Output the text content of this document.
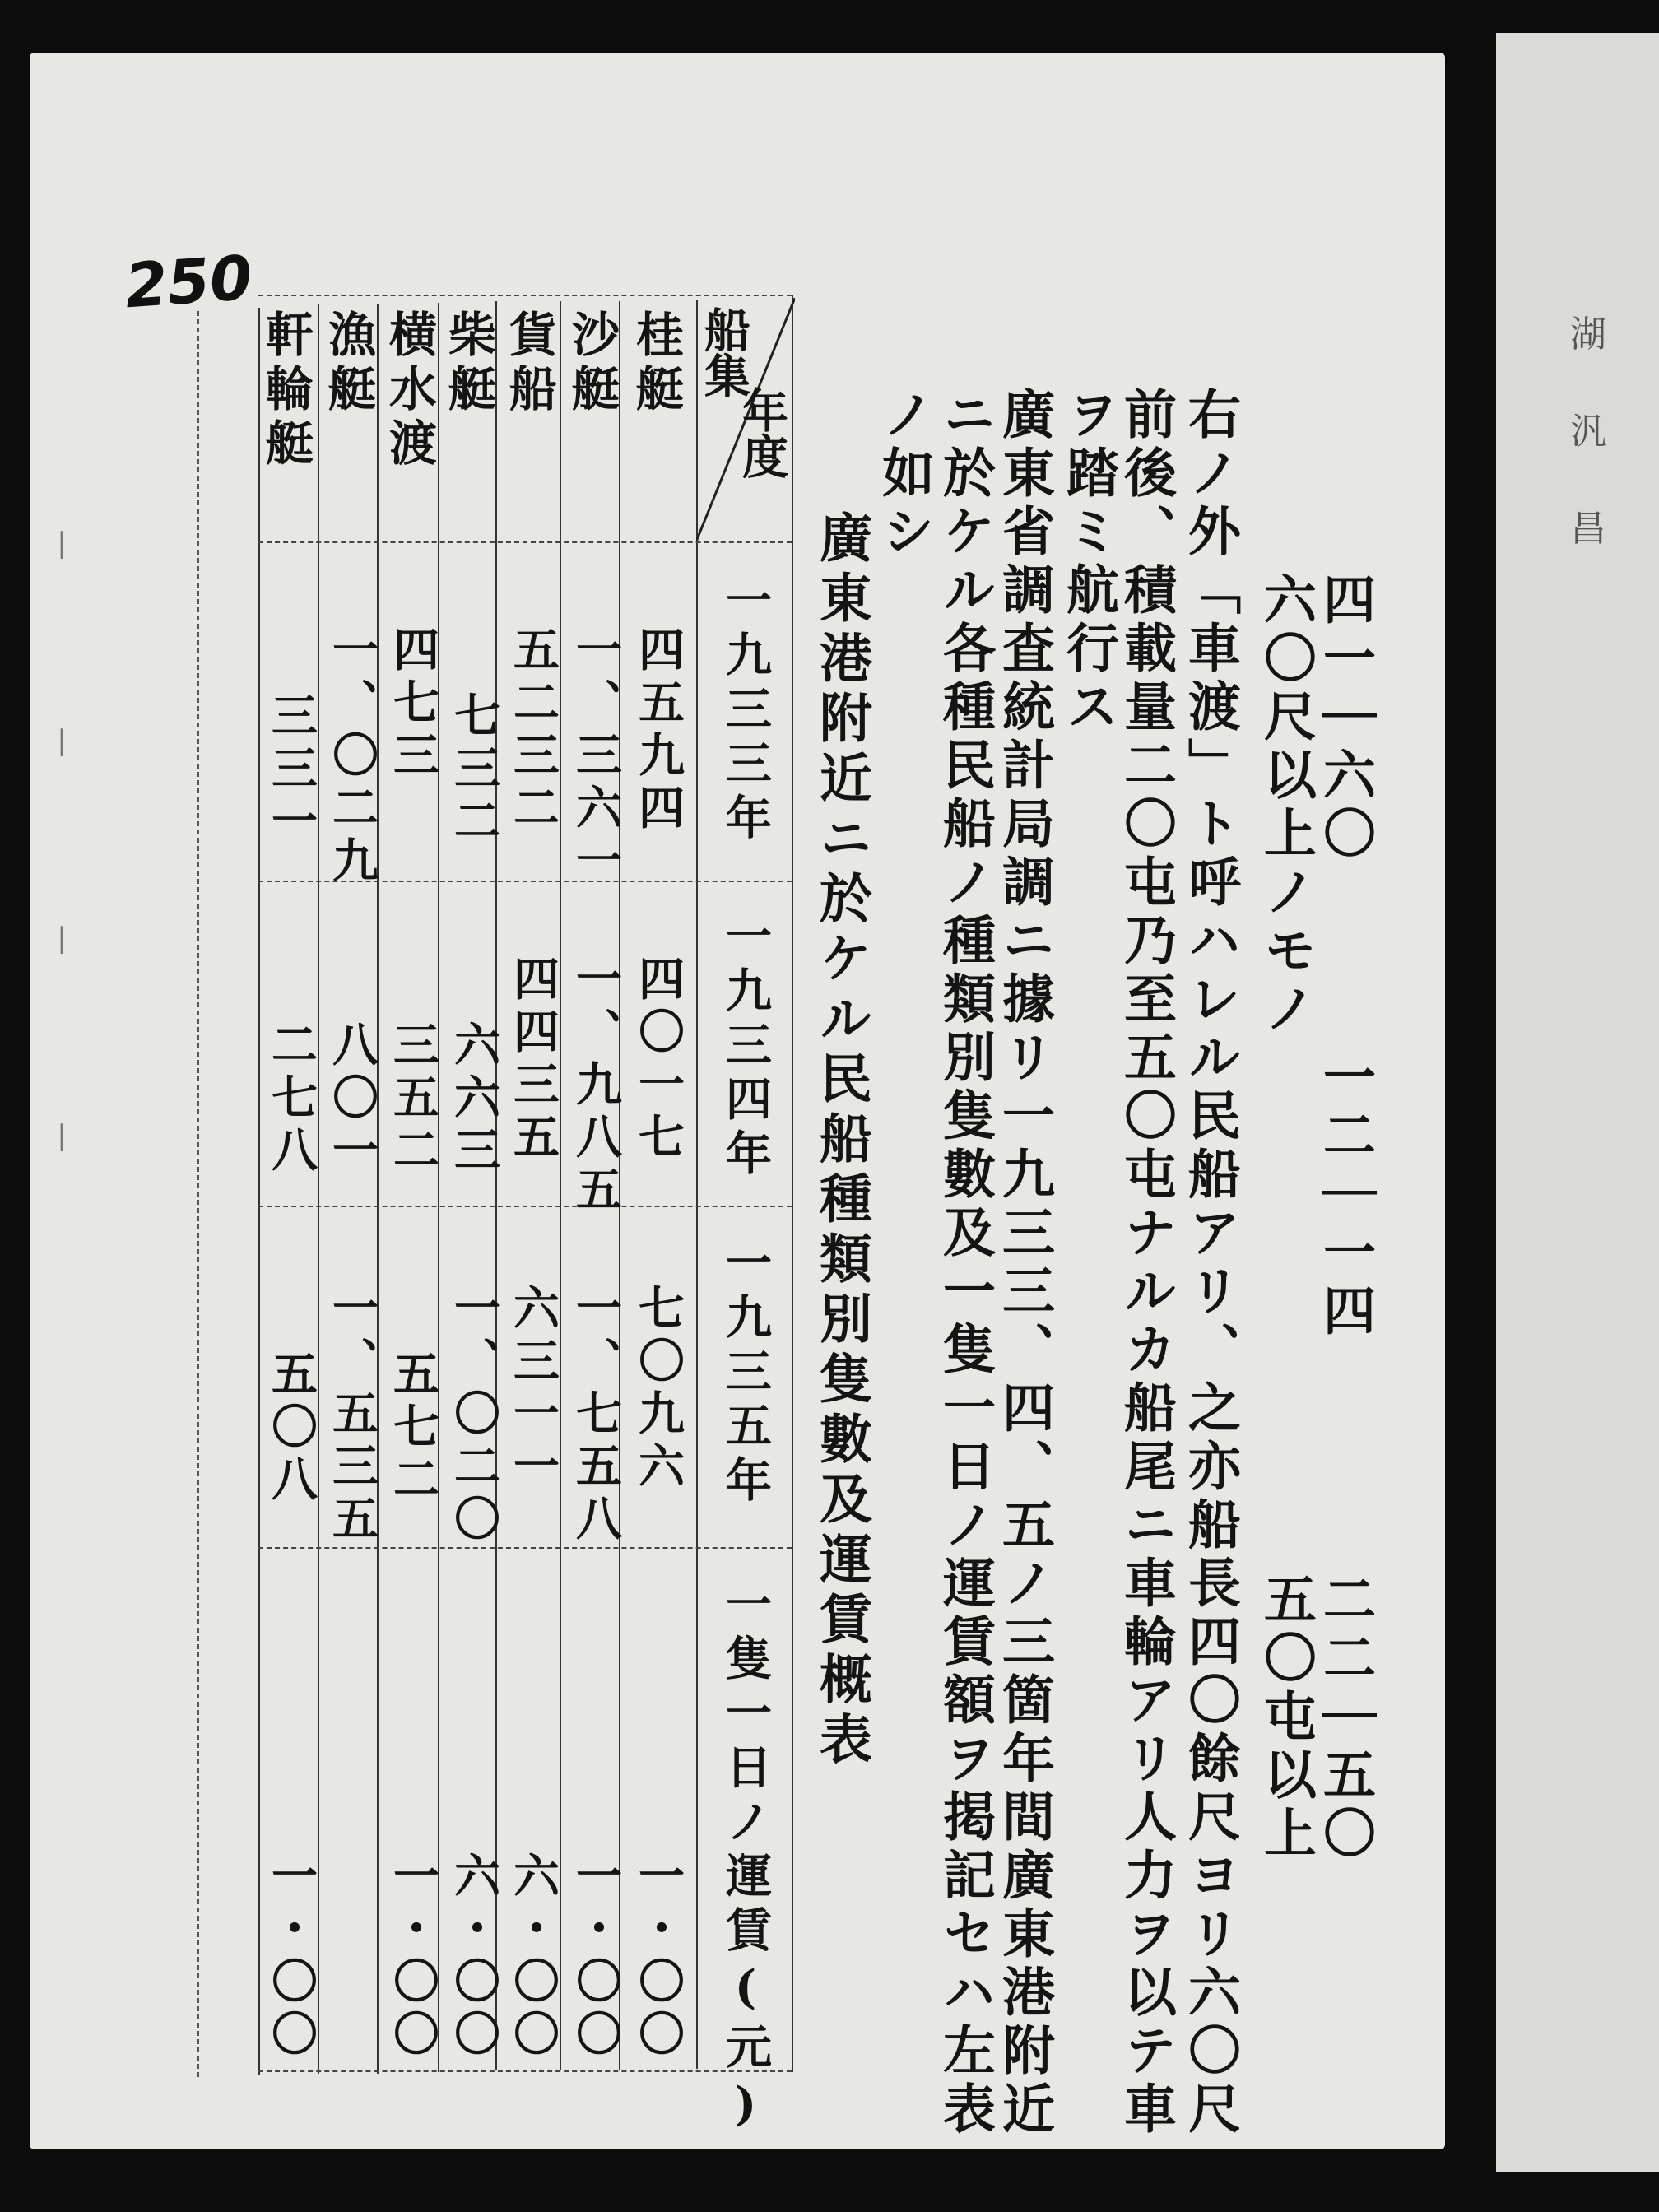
湖
汎
昌
|
|
|
|
250
四一｜六〇
六〇尺以上ノモノ
一二｜一四
二二｜五〇
五〇屯以上
右ノ外「車渡」ト呼ハレル民船アリ、之亦船長四〇餘尺ヨリ六〇尺
前後、積載量二〇屯乃至五〇屯ナルカ船尾ニ車輪アリ人力ヲ以テ車
ヲ踏ミ航行ス
廣東省調査統計局調ニ據リ一九三三、四、五ノ三箇年間廣東港附近
ニ於ケル各種民船ノ種類別隻數及一隻一日ノ運賃額ヲ掲記セハ左表
ノ如シ
廣東港附近ニ於ケル民船種類別隻數及運賃概表
年度
船集
一九三三年
一九三四年
一九三五年
一隻一日ノ運賃(元)
桂艇
沙艇
貨船
柴艇
横水渡
漁艇
軒輪艇
四五九四
一、三六一
五二三二
七三二
四七三
一、〇二九
三三一
四〇一七
一、九八五
四四三五
六六三
三五二
八〇一
二七八
七〇九六
一、七五八
六三一一
一、〇二〇
五七二
一、五三五
五〇八
一・〇〇
一・〇〇
六・〇〇
六・〇〇
一・〇〇
一・〇〇
